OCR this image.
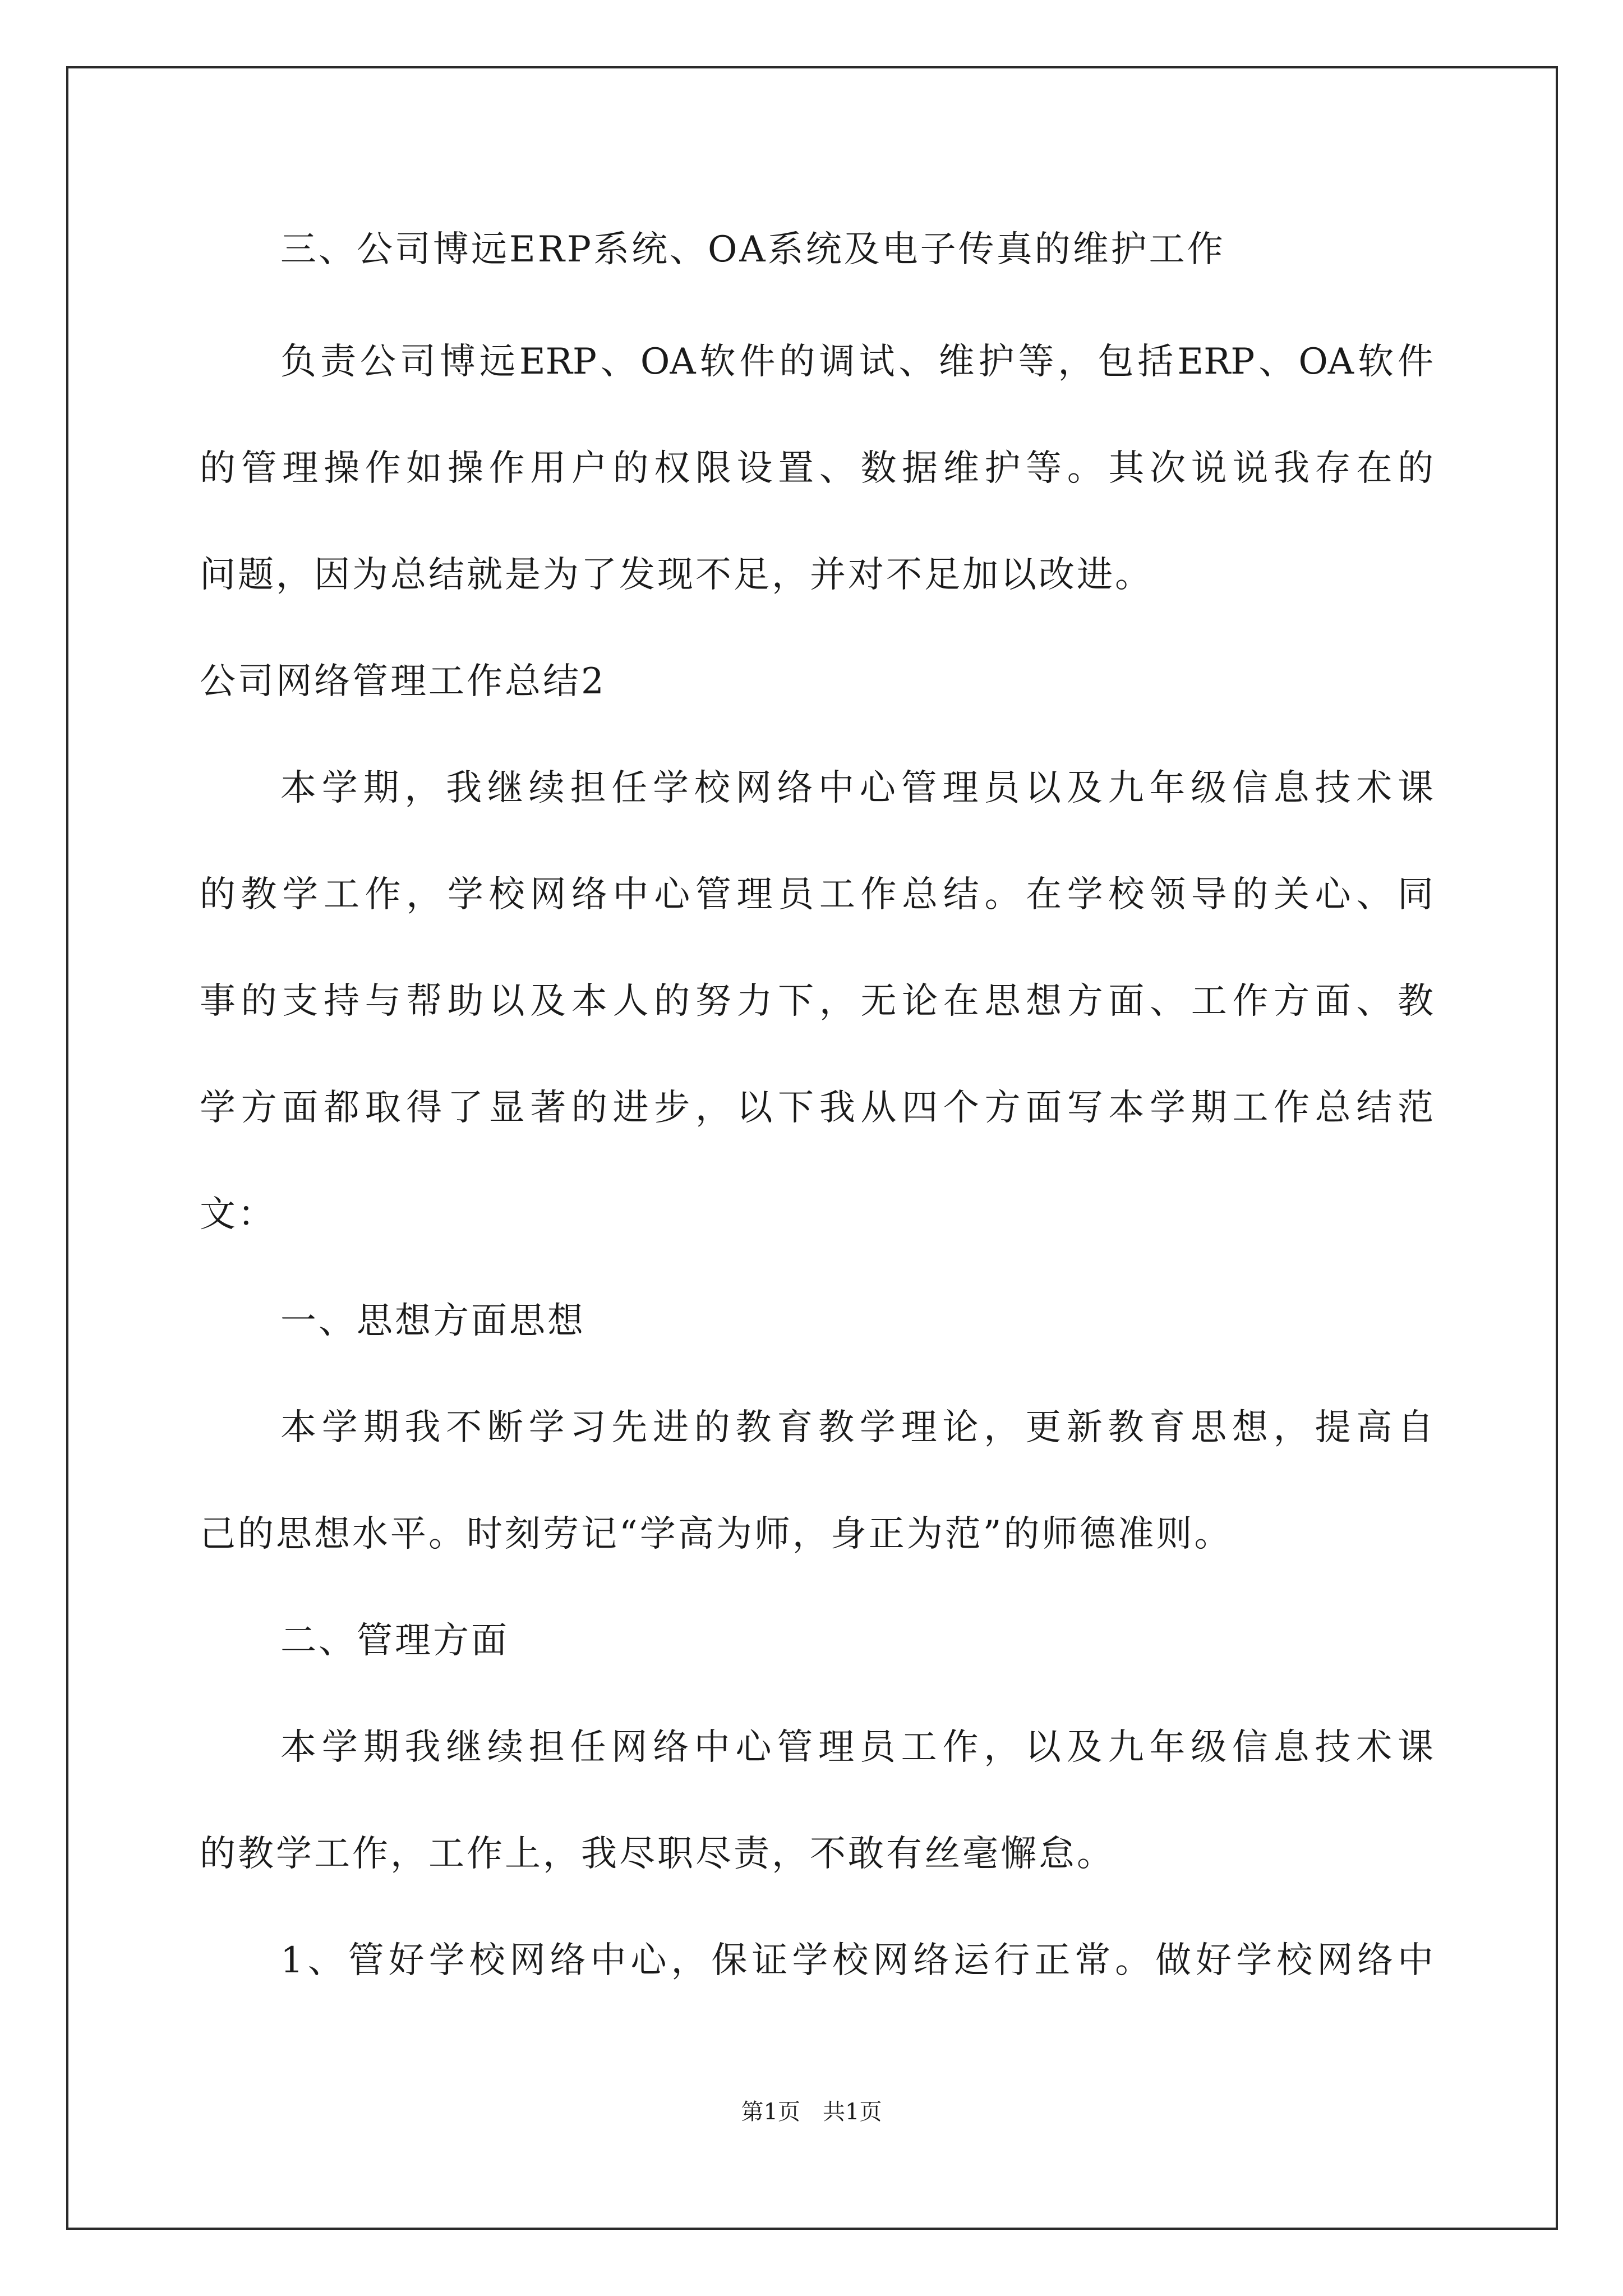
三、公司博远ERP系统、OA系统及电子传真的维护工作
负责公司博远ERP、OA软件的调试、维护等，包括ERP、OA软件
的管理操作如操作用户的权限设置、数据维护等。其次说说我存在的
问题，因为总结就是为了发现不足，并对不足加以改进。
公司网络管理工作总结2
本学期，我继续担任学校网络中心管理员以及九年级信息技术课
的教学工作，学校网络中心管理员工作总结。在学校领导的关心、同
事的支持与帮助以及本人的努力下，无论在思想方面、工作方面、教
学方面都取得了显著的进步，以下我从四个方面写本学期工作总结范
文：
一、思想方面思想
本学期我不断学习先进的教育教学理论，更新教育思想，提高自
己的思想水平。时刻劳记“学高为师，身正为范”的师德准则。
二、管理方面
本学期我继续担任网络中心管理员工作，以及九年级信息技术课
的教学工作，工作上，我尽职尽责，不敢有丝毫懈怠。
1、管好学校网络中心，保证学校网络运行正常。做好学校网络中
第1页　共1页
